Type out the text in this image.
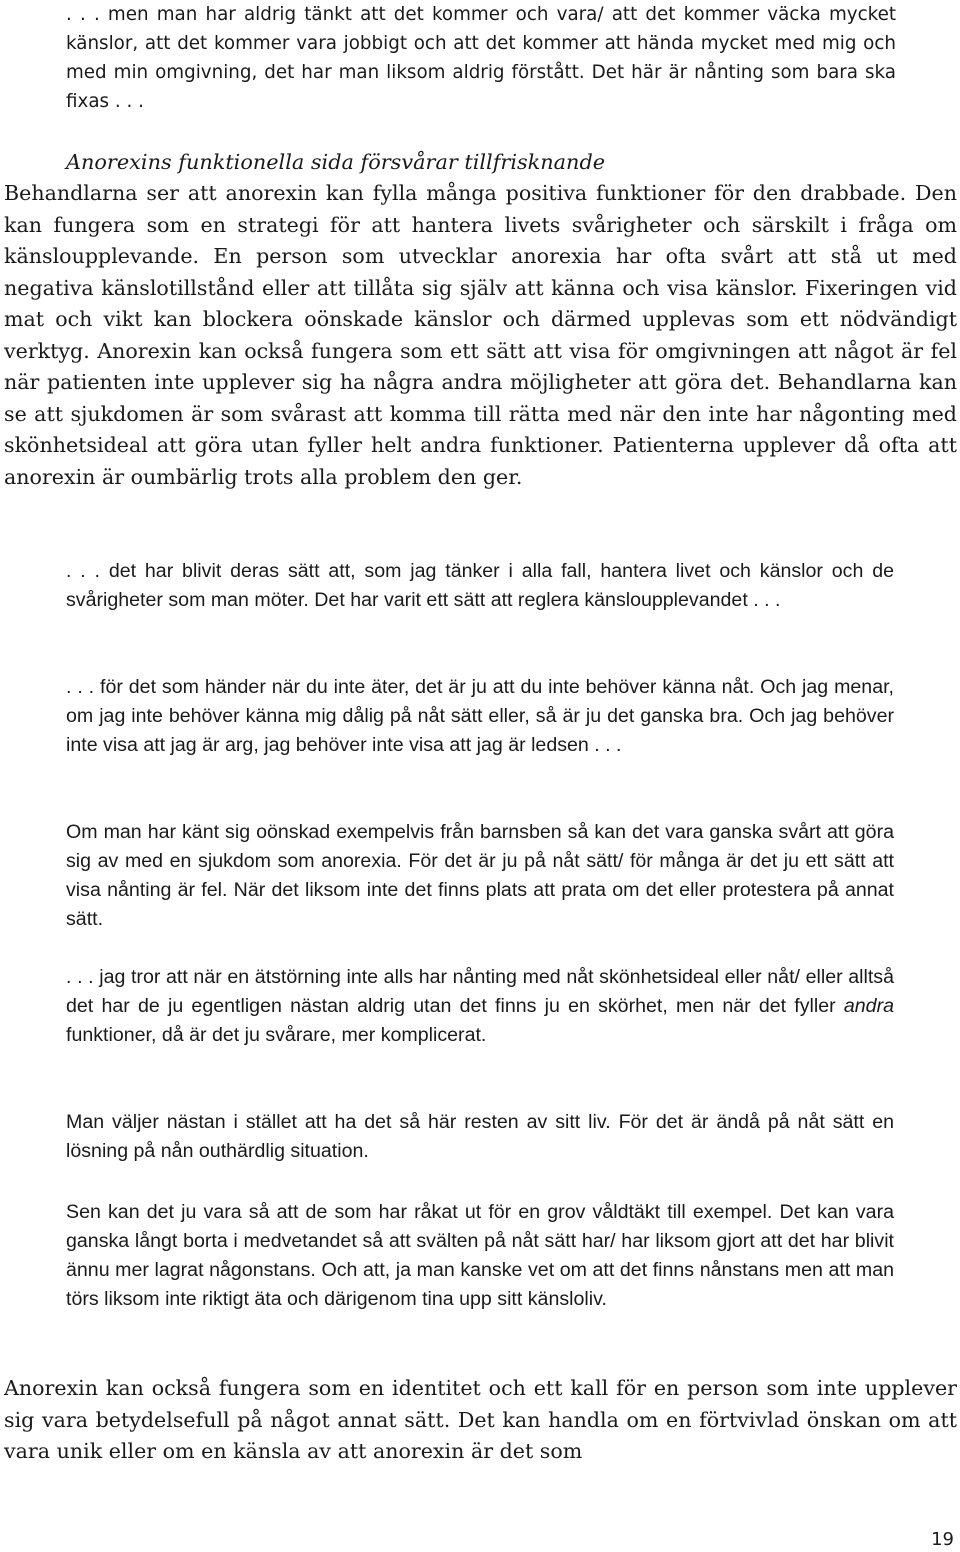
. . . men man har aldrig tänkt att det kommer och vara/ att det kommer väcka mycket känslor, att det kommer vara jobbigt och att det kommer att hända mycket med mig och med min omgivning, det har man liksom aldrig förstått. Det här är nånting som bara ska fixas . . .

Anorexins funktionella sida försvårar tillfrisknande

Behandlarna ser att anorexin kan fylla många positiva funktioner för den drabbade. Den kan fungera som en strategi för att hantera livets svårigheter och särskilt i fråga om känsloupplevande. En person som utvecklar anorexia har ofta svårt att stå ut med negativa känslotillstånd eller att tillåta sig själv att känna och visa känslor. Fixeringen vid mat och vikt kan blockera oönskade känslor och därmed upplevas som ett nödvändigt verktyg. Anorexin kan också fungera som ett sätt att visa för omgivningen att något är fel när patienten inte upplever sig ha några andra möjligheter att göra det. Behandlarna kan se att sjukdomen är som svårast att komma till rätta med när den inte har någonting med skönhetsideal att göra utan fyller helt andra funktioner. Patienterna upplever då ofta att anorexin är oumbärlig trots alla problem den ger.

. . . det har blivit deras sätt att, som jag tänker i alla fall, hantera livet och känslor och de svårigheter som man möter. Det har varit ett sätt att reglera känsloupplevandet . . .

. . . för det som händer när du inte äter, det är ju att du inte behöver känna nåt. Och jag menar, om jag inte behöver känna mig dålig på nåt sätt eller, så är ju det ganska bra. Och jag behöver inte visa att jag är arg, jag behöver inte visa att jag är ledsen . . .

Om man har känt sig oönskad exempelvis från barnsben så kan det vara ganska svårt att göra sig av med en sjukdom som anorexia. För det är ju på nåt sätt/ för många är det ju ett sätt att visa nånting är fel. När det liksom inte det finns plats att prata om det eller protestera på annat sätt.

. . . jag tror att när en ätstörning inte alls har nånting med nåt skönhetsideal eller nåt/ eller alltså det har de ju egentligen nästan aldrig utan det finns ju en skörhet, men när det fyller andra funktioner, då är det ju svårare, mer komplicerat.

Man väljer nästan i stället att ha det så här resten av sitt liv. För det är ändå på nåt sätt en lösning på nån outhärdlig situation.

Sen kan det ju vara så att de som har råkat ut för en grov våldtäkt till exempel. Det kan vara ganska långt borta i medvetandet så att svälten på nåt sätt har/ har liksom gjort att det har blivit ännu mer lagrat någonstans. Och att, ja man kanske vet om att det finns nånstans men att man törs liksom inte riktigt äta och därigenom tina upp sitt känsloliv.

Anorexin kan också fungera som en identitet och ett kall för en person som inte upplever sig vara betydelsefull på något annat sätt. Det kan handla om en förtvivlad önskan om att vara unik eller om en känsla av att anorexin är det som

19
